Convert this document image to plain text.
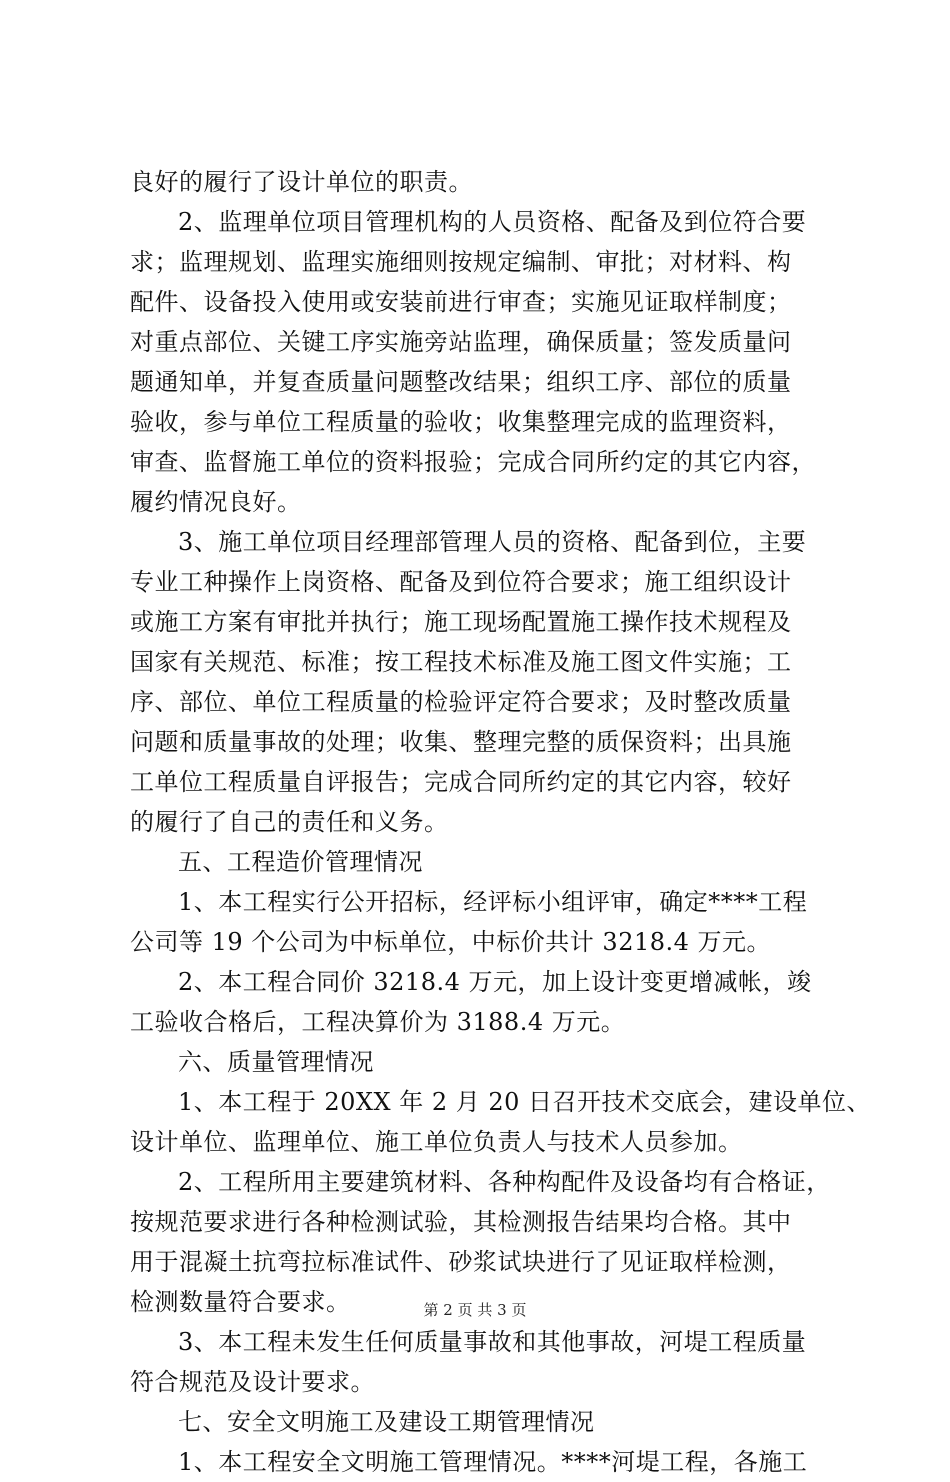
良好的履行了设计单位的职责。
2、监理单位项目管理机构的人员资格、配备及到位符合要
求；监理规划、监理实施细则按规定编制、审批；对材料、构
配件、设备投入使用或安装前进行审查；实施见证取样制度；
对重点部位、关键工序实施旁站监理，确保质量；签发质量问
题通知单，并复查质量问题整改结果；组织工序、部位的质量
验收，参与单位工程质量的验收；收集整理完成的监理资料，
审查、监督施工单位的资料报验；完成合同所约定的其它内容，
履约情况良好。
3、施工单位项目经理部管理人员的资格、配备到位，主要
专业工种操作上岗资格、配备及到位符合要求；施工组织设计
或施工方案有审批并执行；施工现场配置施工操作技术规程及
国家有关规范、标准；按工程技术标准及施工图文件实施；工
序、部位、单位工程质量的检验评定符合要求；及时整改质量
问题和质量事故的处理；收集、整理完整的质保资料；出具施
工单位工程质量自评报告；完成合同所约定的其它内容，较好
的履行了自己的责任和义务。
五、工程造价管理情况
1、本工程实行公开招标，经评标小组评审，确定****工程
公司等 19 个公司为中标单位，中标价共计 3218.4 万元。
2、本工程合同价 3218.4 万元，加上设计变更增减帐，竣
工验收合格后，工程决算价为 3188.4 万元。
六、质量管理情况
1、本工程于 20XX 年 2 月 20 日召开技术交底会，建设单位、
设计单位、监理单位、施工单位负责人与技术人员参加。
2、工程所用主要建筑材料、各种构配件及设备均有合格证，
按规范要求进行各种检测试验，其检测报告结果均合格。其中
用于混凝土抗弯拉标准试件、砂浆试块进行了见证取样检测，
检测数量符合要求。
3、本工程未发生任何质量事故和其他事故，河堤工程质量
符合规范及设计要求。
七、安全文明施工及建设工期管理情况
1、本工程安全文明施工管理情况。****河堤工程，各施工
第 2 页 共 3 页
